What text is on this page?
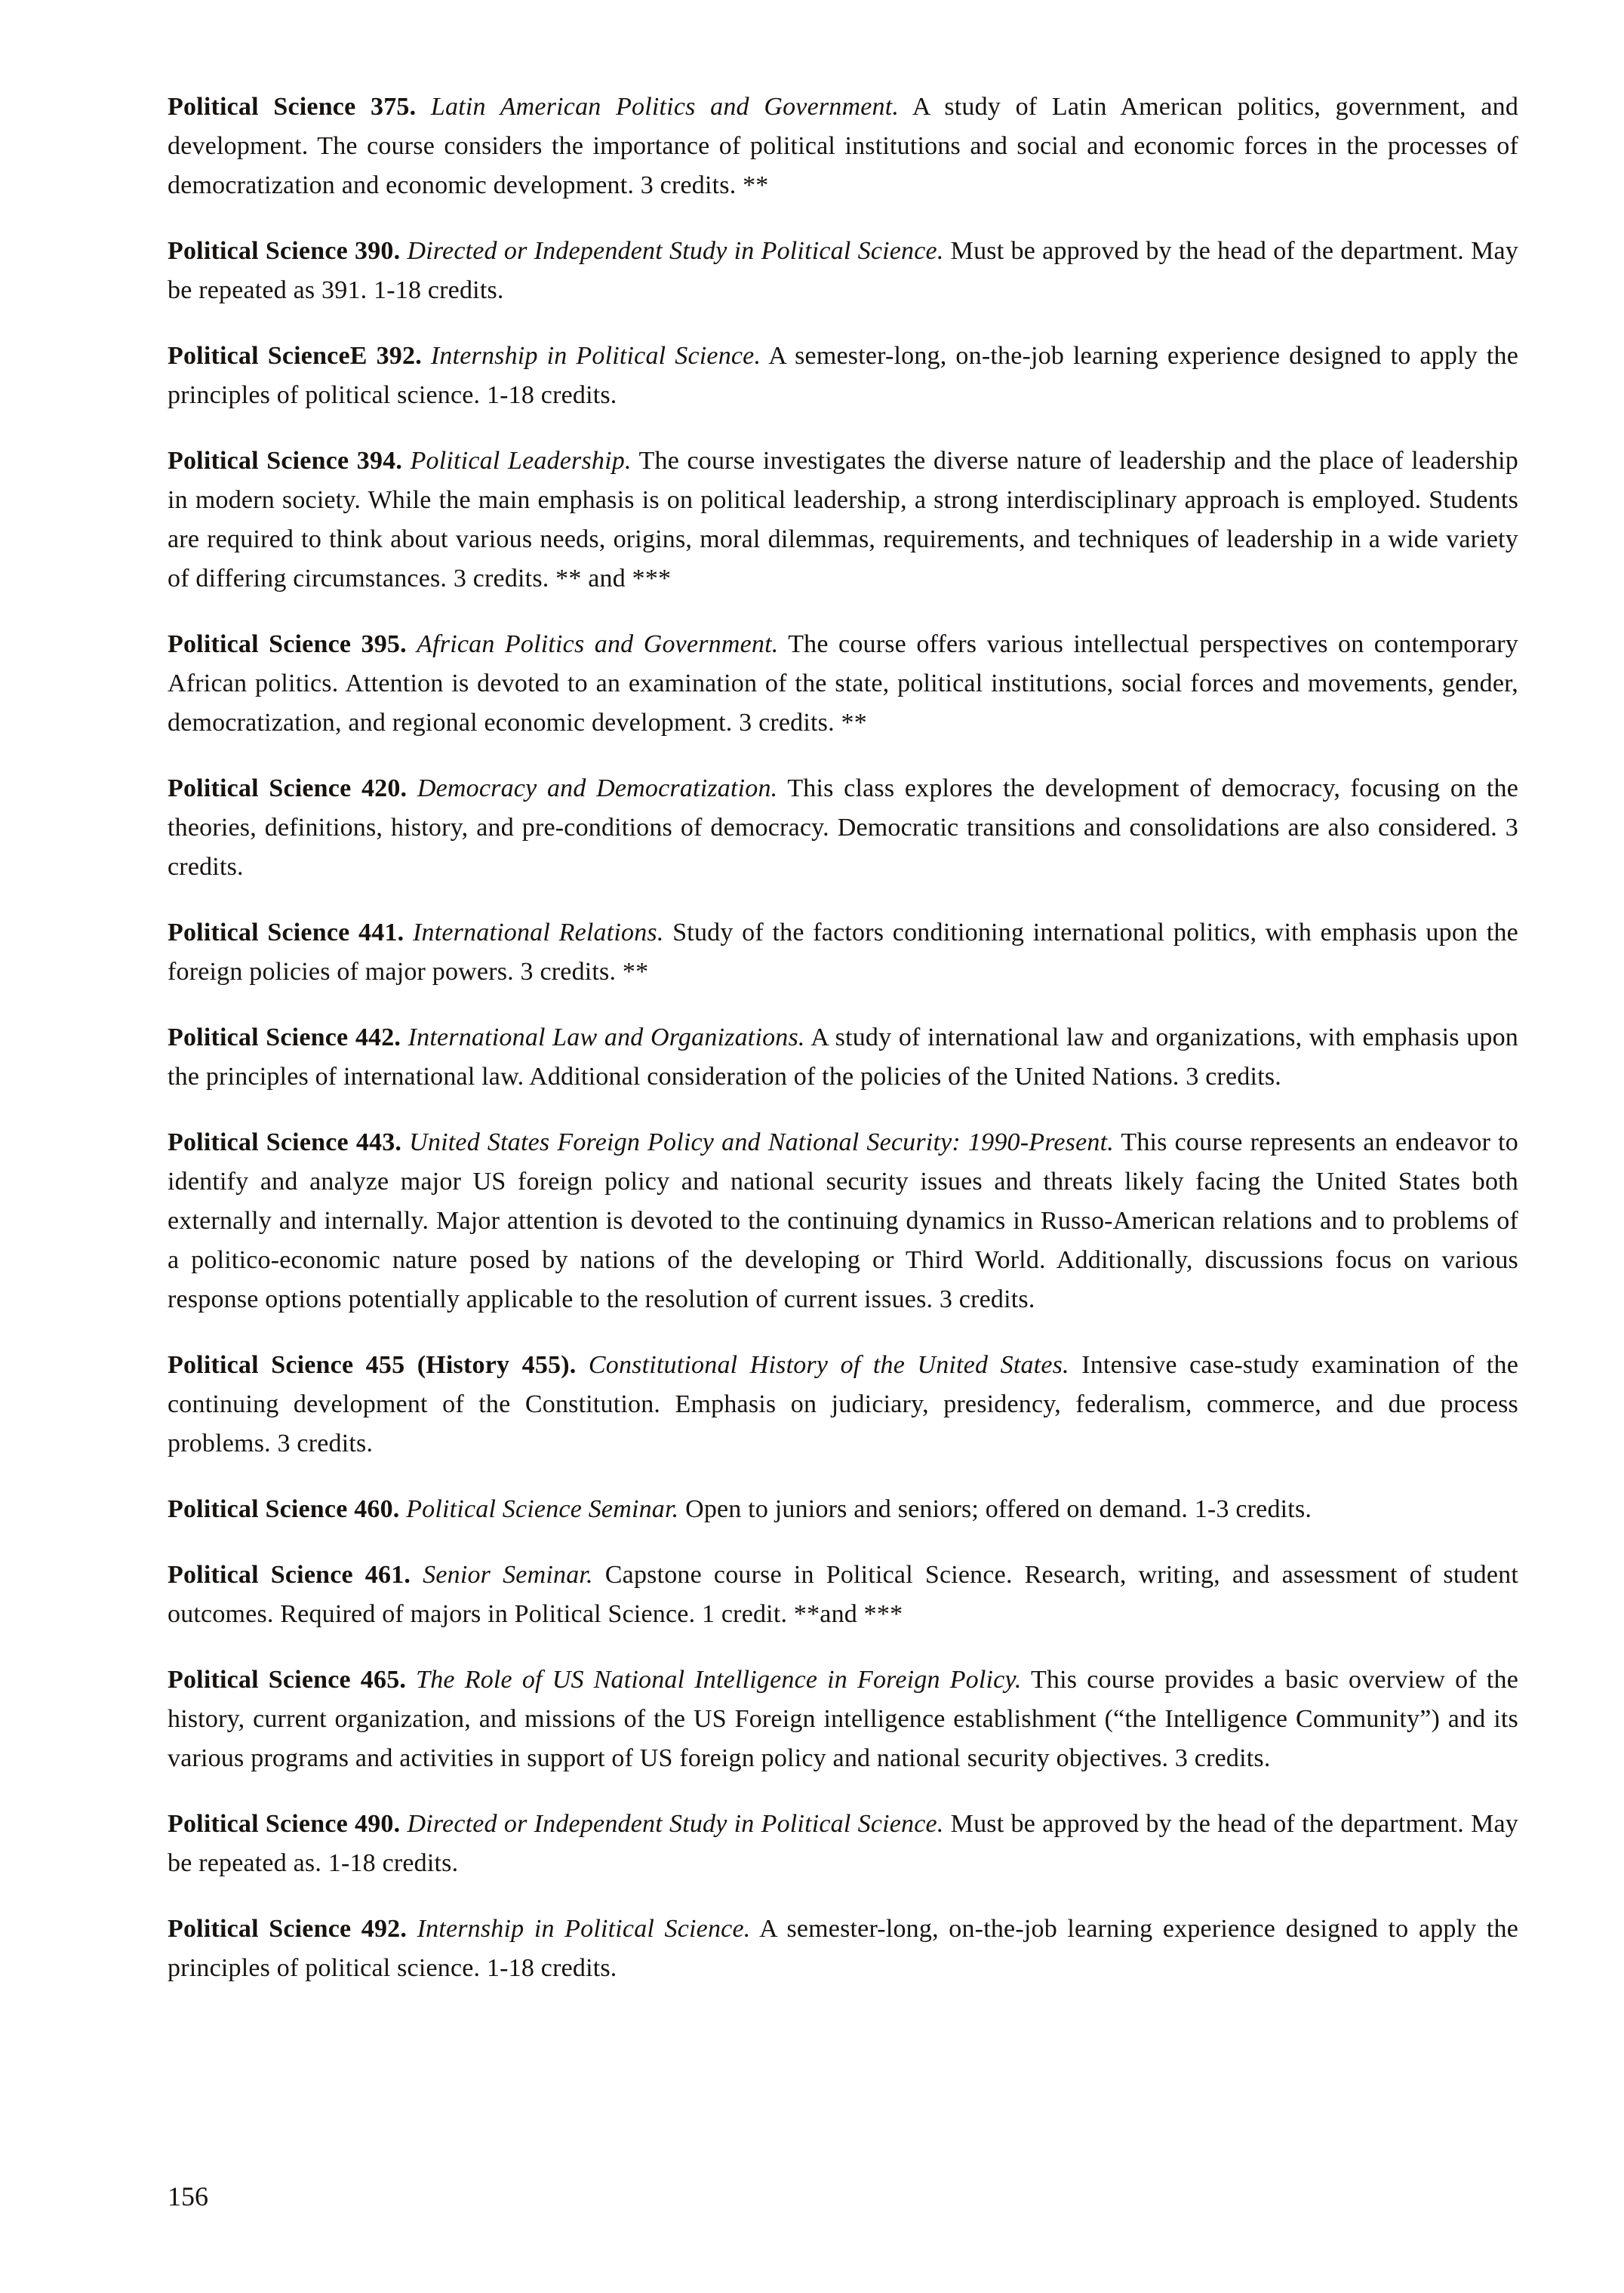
Political Science 375. Latin American Politics and Government. A study of Latin American politics, government, and development. The course considers the importance of political institutions and social and economic forces in the processes of democratization and economic development. 3 credits. **

Political Science 390. Directed or Independent Study in Political Science. Must be approved by the head of the department. May be repeated as 391. 1-18 credits.

Political ScienceE 392. Internship in Political Science. A semester-long, on-the-job learning experience designed to apply the principles of political science. 1-18 credits.

Political Science 394. Political Leadership. The course investigates the diverse nature of leadership and the place of leadership in modern society. While the main emphasis is on political leadership, a strong interdisciplinary approach is employed. Students are required to think about various needs, origins, moral dilemmas, requirements, and techniques of leadership in a wide variety of differing circumstances. 3 credits. ** and ***

Political Science 395. African Politics and Government. The course offers various intellectual perspectives on contemporary African politics. Attention is devoted to an examination of the state, political institutions, social forces and movements, gender, democratization, and regional economic development. 3 credits. **

Political Science 420. Democracy and Democratization. This class explores the development of democracy, focusing on the theories, definitions, history, and pre-conditions of democracy. Democratic transitions and consolidations are also considered. 3 credits.

Political Science 441. International Relations. Study of the factors conditioning international politics, with emphasis upon the foreign policies of major powers. 3 credits. **

Political Science 442. International Law and Organizations. A study of international law and organizations, with emphasis upon the principles of international law. Additional consideration of the policies of the United Nations. 3 credits.

Political Science 443. United States Foreign Policy and National Security: 1990-Present. This course represents an endeavor to identify and analyze major US foreign policy and national security issues and threats likely facing the United States both externally and internally. Major attention is devoted to the continuing dynamics in Russo-American relations and to problems of a politico-economic nature posed by nations of the developing or Third World. Additionally, discussions focus on various response options potentially applicable to the resolution of current issues. 3 credits.

Political Science 455 (History 455). Constitutional History of the United States. Intensive case-study examination of the continuing development of the Constitution. Emphasis on judiciary, presidency, federalism, commerce, and due process problems. 3 credits.

Political Science 460. Political Science Seminar. Open to juniors and seniors; offered on demand. 1-3 credits.

Political Science 461. Senior Seminar. Capstone course in Political Science. Research, writing, and assessment of student outcomes. Required of majors in Political Science. 1 credit. **and ***

Political Science 465. The Role of US National Intelligence in Foreign Policy. This course provides a basic overview of the history, current organization, and missions of the US Foreign intelligence establishment (“the Intelligence Community”) and its various programs and activities in support of US foreign policy and national security objectives. 3 credits.

Political Science 490. Directed or Independent Study in Political Science. Must be approved by the head of the department. May be repeated as. 1-18 credits.

Political Science 492. Internship in Political Science. A semester-long, on-the-job learning experience designed to apply the principles of political science. 1-18 credits.

156
